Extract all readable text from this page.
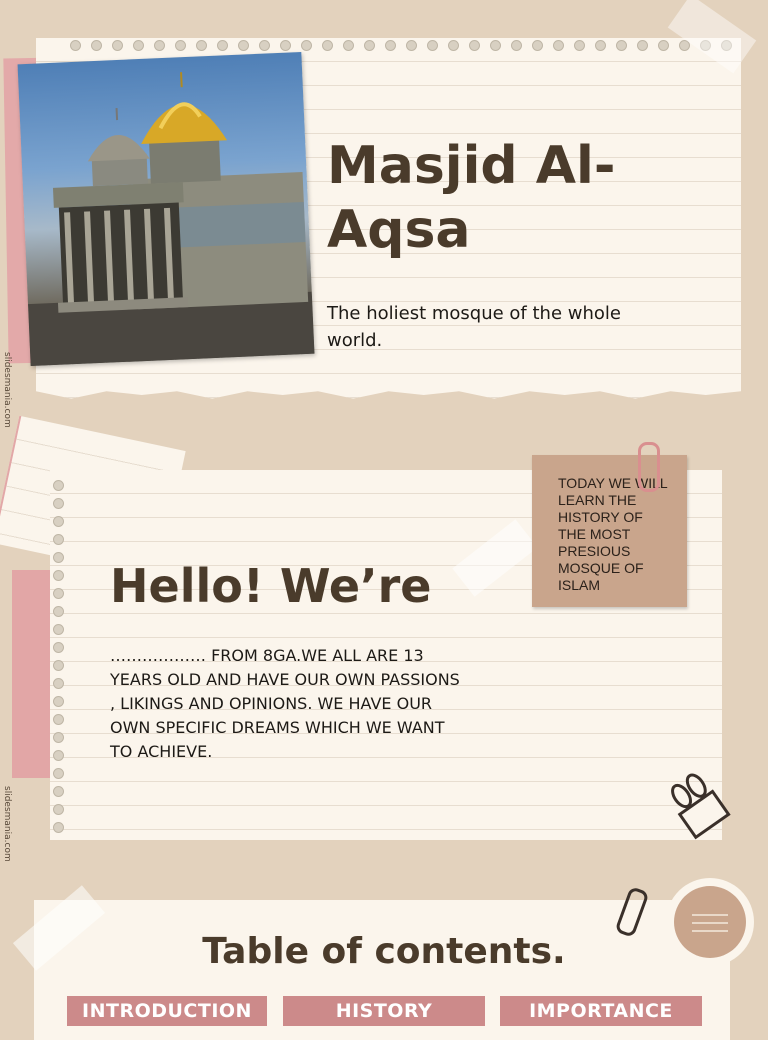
Masjid Al-Aqsa
The holiest mosque of the whole world.
slidesmania.com
TODAY WE WILL LEARN THE HISTORY OF THE MOST PRESIOUS MOSQUE OF ISLAM
Hello! We’re
……………… FROM 8GA.WE ALL ARE 13 YEARS OLD AND HAVE OUR OWN PASSIONS , LIKINGS AND OPINIONS. WE HAVE OUR OWN SPECIFIC DREAMS WHICH WE WANT TO ACHIEVE.
slidesmania.com
Table of contents.
INTRODUCTION	HISTORY	IMPORTANCE
